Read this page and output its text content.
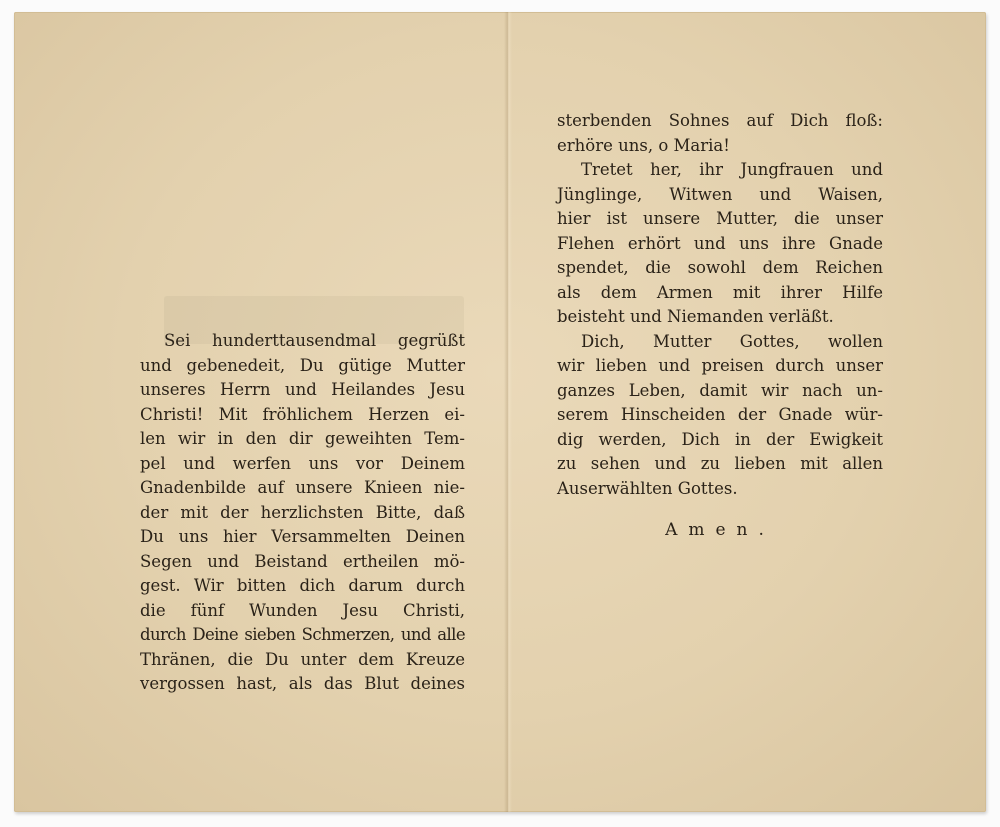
Sei hunderttausendmal gegrüßt
und gebenedeit, Du gütige Mutter
unseres Herrn und Heilandes Jesu
Christi! Mit fröhlichem Herzen ei-
len wir in den dir geweihten Tem-
pel und werfen uns vor Deinem
Gnadenbilde auf unsere Knieen nie-
der mit der herzlichsten Bitte, daß
Du uns hier Versammelten Deinen
Segen und Beistand ertheilen mö-
gest. Wir bitten dich darum durch
die fünf Wunden Jesu Christi,
durch Deine sieben Schmerzen, und alle
Thränen, die Du unter dem Kreuze
vergossen hast, als das Blut deines
sterbenden Sohnes auf Dich floß:
erhöre uns, o Maria!
Tretet her, ihr Jungfrauen und
Jünglinge, Witwen und Waisen,
hier ist unsere Mutter, die unser
Flehen erhört und uns ihre Gnade
spendet, die sowohl dem Reichen
als dem Armen mit ihrer Hilfe
beisteht und Niemanden verläßt.
Dich, Mutter Gottes, wollen
wir lieben und preisen durch unser
ganzes Leben, damit wir nach un-
serem Hinscheiden der Gnade wür-
dig werden, Dich in der Ewigkeit
zu sehen und zu lieben mit allen
Auserwählten Gottes.
Amen.
